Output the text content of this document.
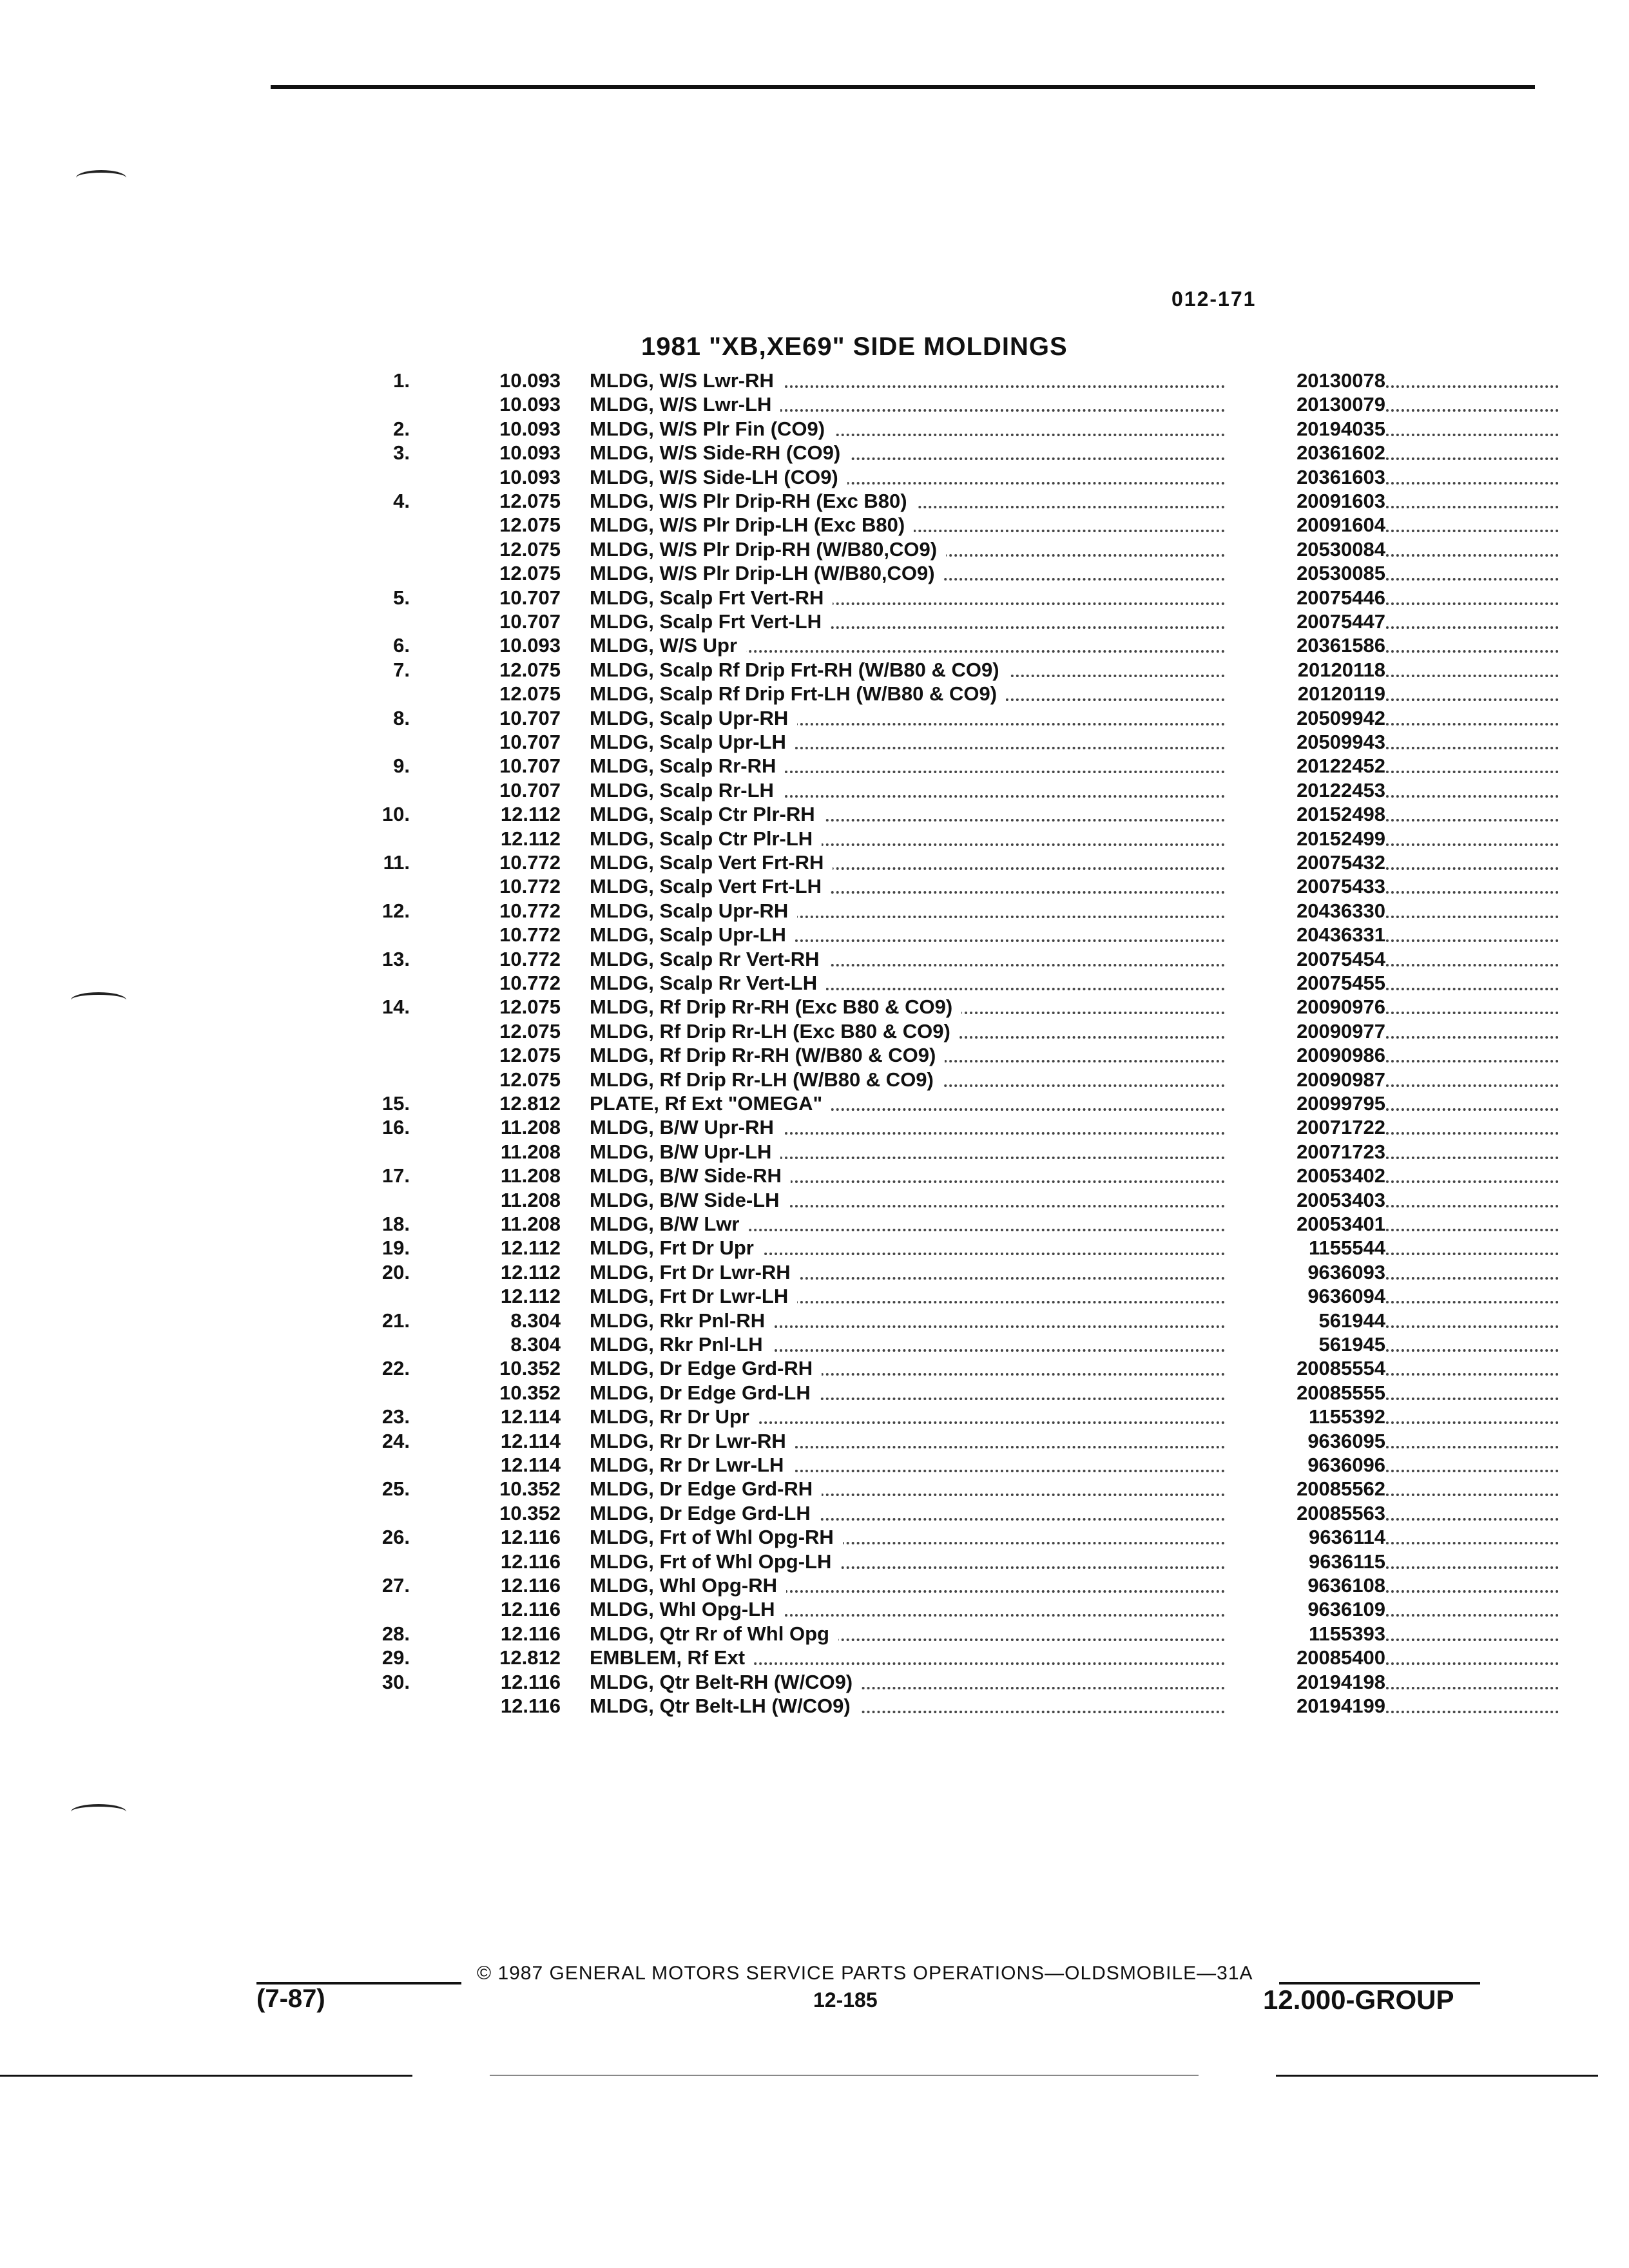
012-171
1981 "XB,XE69" SIDE MOLDINGS
1.	10.093 MLDG, W/S Lwr-RH	20130078
10.093 MLDG, W/S Lwr-LH	20130079
2.	10.093 MLDG, W/S Plr Fin (CO9)	20194035
3.	10.093 MLDG, W/S Side-RH (CO9)	20361602
10.093 MLDG, W/S Side-LH (CO9)	20361603
4.	12.075 MLDG, W/S Plr Drip-RH (Exc B80)	20091603
12.075 MLDG, W/S Plr Drip-LH (Exc B80)	20091604
12.075 MLDG, W/S Plr Drip-RH (W/B80,CO9)	20530084
12.075 MLDG, W/S Plr Drip-LH (W/B80,CO9)	20530085
5.	10.707 MLDG, Scalp Frt Vert-RH	20075446
10.707 MLDG, Scalp Frt Vert-LH	20075447
6.	10.093 MLDG, W/S Upr	20361586
7.	12.075 MLDG, Scalp Rf Drip Frt-RH (W/B80 & CO9)	20120118
12.075 MLDG, Scalp Rf Drip Frt-LH (W/B80 & CO9)	20120119
8.	10.707 MLDG, Scalp Upr-RH	20509942
10.707 MLDG, Scalp Upr-LH	20509943
9.	10.707 MLDG, Scalp Rr-RH	20122452
10.707 MLDG, Scalp Rr-LH	20122453
10.	12.112 MLDG, Scalp Ctr Plr-RH	20152498
12.112 MLDG, Scalp Ctr Plr-LH	20152499
11.	10.772 MLDG, Scalp Vert Frt-RH	20075432
10.772 MLDG, Scalp Vert Frt-LH	20075433
12.	10.772 MLDG, Scalp Upr-RH	20436330
10.772 MLDG, Scalp Upr-LH	20436331
13.	10.772 MLDG, Scalp Rr Vert-RH	20075454
10.772 MLDG, Scalp Rr Vert-LH	20075455
14.	12.075 MLDG, Rf Drip Rr-RH (Exc B80 & CO9)	20090976
12.075 MLDG, Rf Drip Rr-LH (Exc B80 & CO9)	20090977
12.075 MLDG, Rf Drip Rr-RH (W/B80 & CO9)	20090986
12.075 MLDG, Rf Drip Rr-LH (W/B80 & CO9)	20090987
15.	12.812 PLATE, Rf Ext "OMEGA"	20099795
16.	11.208 MLDG, B/W Upr-RH	20071722
11.208 MLDG, B/W Upr-LH	20071723
17.	11.208 MLDG, B/W Side-RH	20053402
11.208 MLDG, B/W Side-LH	20053403
18.	11.208 MLDG, B/W Lwr	20053401
19.	12.112 MLDG, Frt Dr Upr	1155544
20.	12.112 MLDG, Frt Dr Lwr-RH	9636093
12.112 MLDG, Frt Dr Lwr-LH	9636094
21.	8.304 MLDG, Rkr Pnl-RH	561944
8.304 MLDG, Rkr Pnl-LH	561945
22.	10.352 MLDG, Dr Edge Grd-RH	20085554
10.352 MLDG, Dr Edge Grd-LH	20085555
23.	12.114 MLDG, Rr Dr Upr	1155392
24.	12.114 MLDG, Rr Dr Lwr-RH	9636095
12.114 MLDG, Rr Dr Lwr-LH	9636096
25.	10.352 MLDG, Dr Edge Grd-RH	20085562
10.352 MLDG, Dr Edge Grd-LH	20085563
26.	12.116 MLDG, Frt of Whl Opg-RH	9636114
12.116 MLDG, Frt of Whl Opg-LH	9636115
27.	12.116 MLDG, Whl Opg-RH	9636108
12.116 MLDG, Whl Opg-LH	9636109
28.	12.116 MLDG, Qtr Rr of Whl Opg	1155393
29.	12.812 EMBLEM, Rf Ext	20085400
30.	12.116 MLDG, Qtr Belt-RH (W/CO9)	20194198
12.116 MLDG, Qtr Belt-LH (W/CO9)	20194199
(7-87)
© 1987 GENERAL MOTORS SERVICE PARTS OPERATIONS—OLDSMOBILE—31A
12-185	12.000-GROUP
